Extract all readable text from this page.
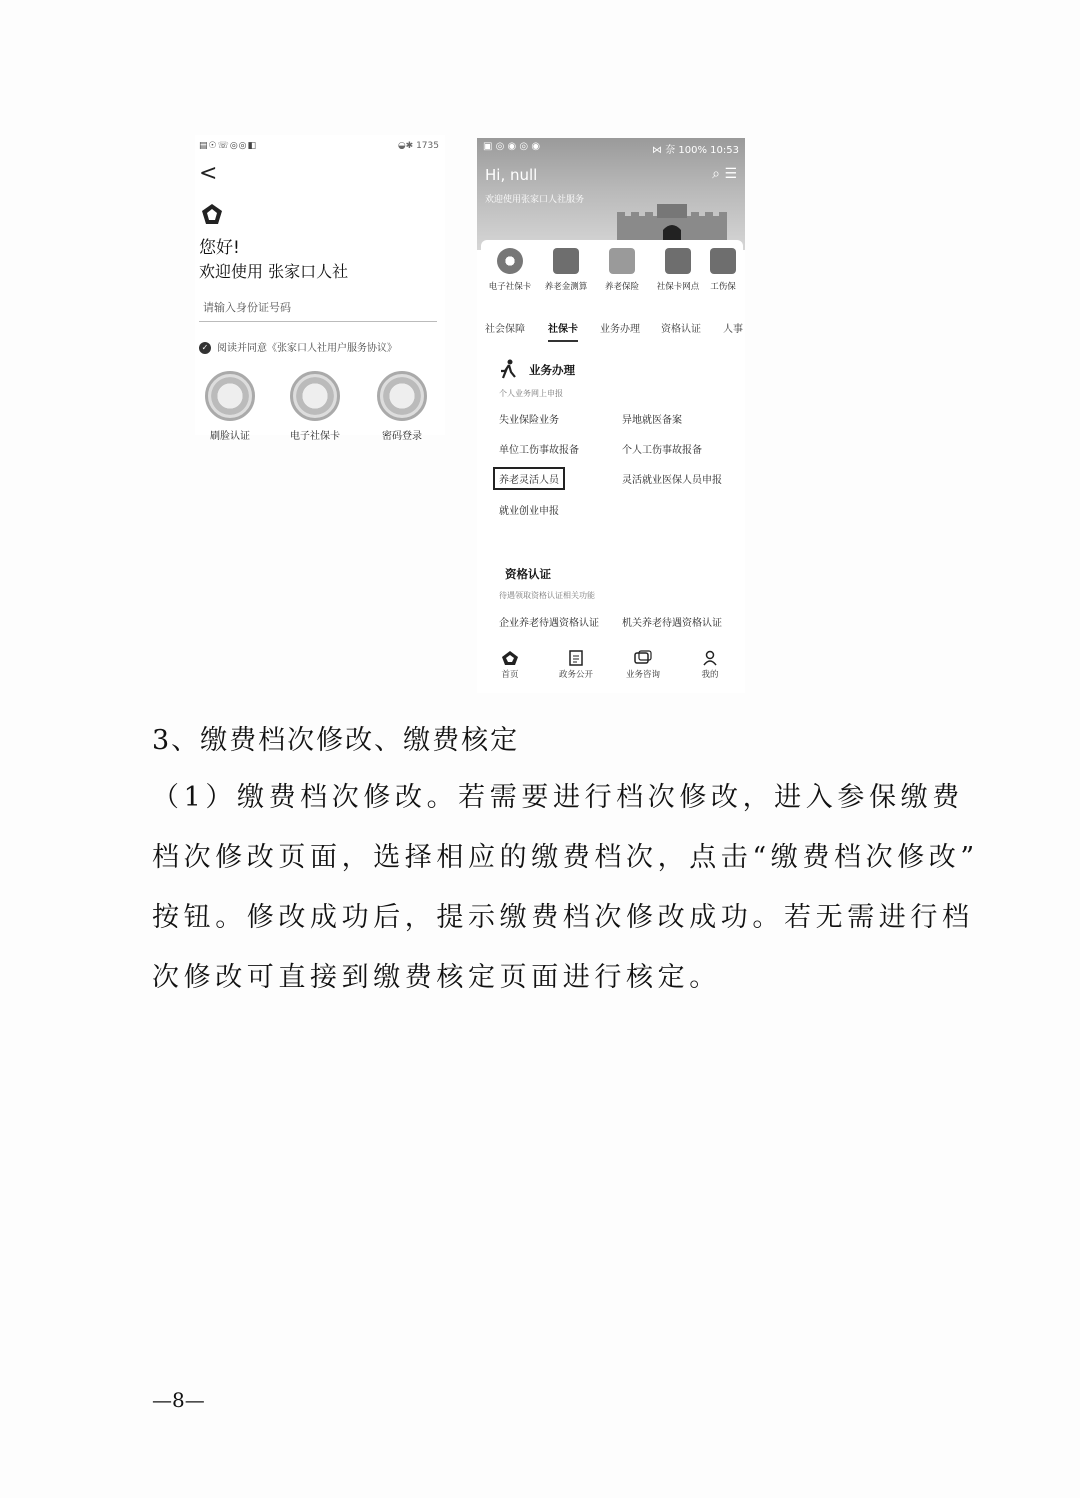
▤☉☏◎◎◧	◒✱ 1735
<
您好!
欢迎使用 张家口人社
请输入身份证号码
✓ 阅读并同意《张家口人社用户服务协议》
刷脸认证	电子社保卡	密码登录
▣ ◎ ◉ ◎ ◉	⋈ 奈 100% 10:53
Hi, null	⌕ ☰
欢迎使用张家口人社服务
电子社保卡	养老金测算	养老保险	社保卡网点	工伤保
社会保障 社保卡 业务办理 资格认证 人事
业务办理
个人业务网上申报
失业保险业务	异地就医备案
单位工伤事故报备	个人工伤事故报备
养老灵活人员	灵活就业医保人员申报
就业创业申报
资格认证
待遇领取资格认证相关功能
企业养老待遇资格认证 机关养老待遇资格认证
首页	政务公开	业务咨询	我的
3、缴费档次修改、缴费核定
（1）缴费档次修改。若需要进行档次修改，进入参保缴费
档次修改页面，选择相应的缴费档次，点击“缴费档次修改”
按钮。修改成功后，提示缴费档次修改成功。若无需进行档
次修改可直接到缴费核定页面进行核定。
—8—
